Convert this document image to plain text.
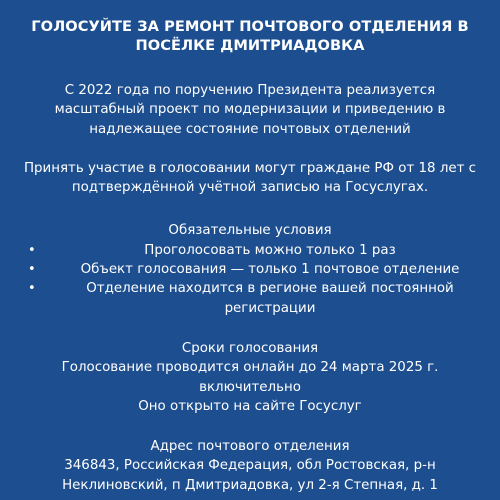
ГОЛОСУЙТЕ ЗА РЕМОНТ ПОЧТОВОГО ОТДЕЛЕНИЯ В ПОСЁЛКЕ ДМИТРИАДОВКА

С 2022 года по поручению Президента реализуется масштабный проект по модернизации и приведению в надлежащее состояние почтовых отделений

Принять участие в голосовании могут граждане РФ от 18 лет с подтверждённой учётной записью на Госуслугах.

Обязательные условия
•	Проголосовать можно только 1 раз
•	Объект голосования — только 1 почтовое отделение
•	Отделение находится в регионе вашей постоянной регистрации

Сроки голосования

Голосование проводится онлайн до 24 марта 2025 г. включительно

Оно открыто на сайте Госуслуг

Адрес почтового отделения

346843, Российская Федерация, обл Ростовская, р-н Неклиновский, п Дмитриадовка, ул 2-я Степная, д. 1
